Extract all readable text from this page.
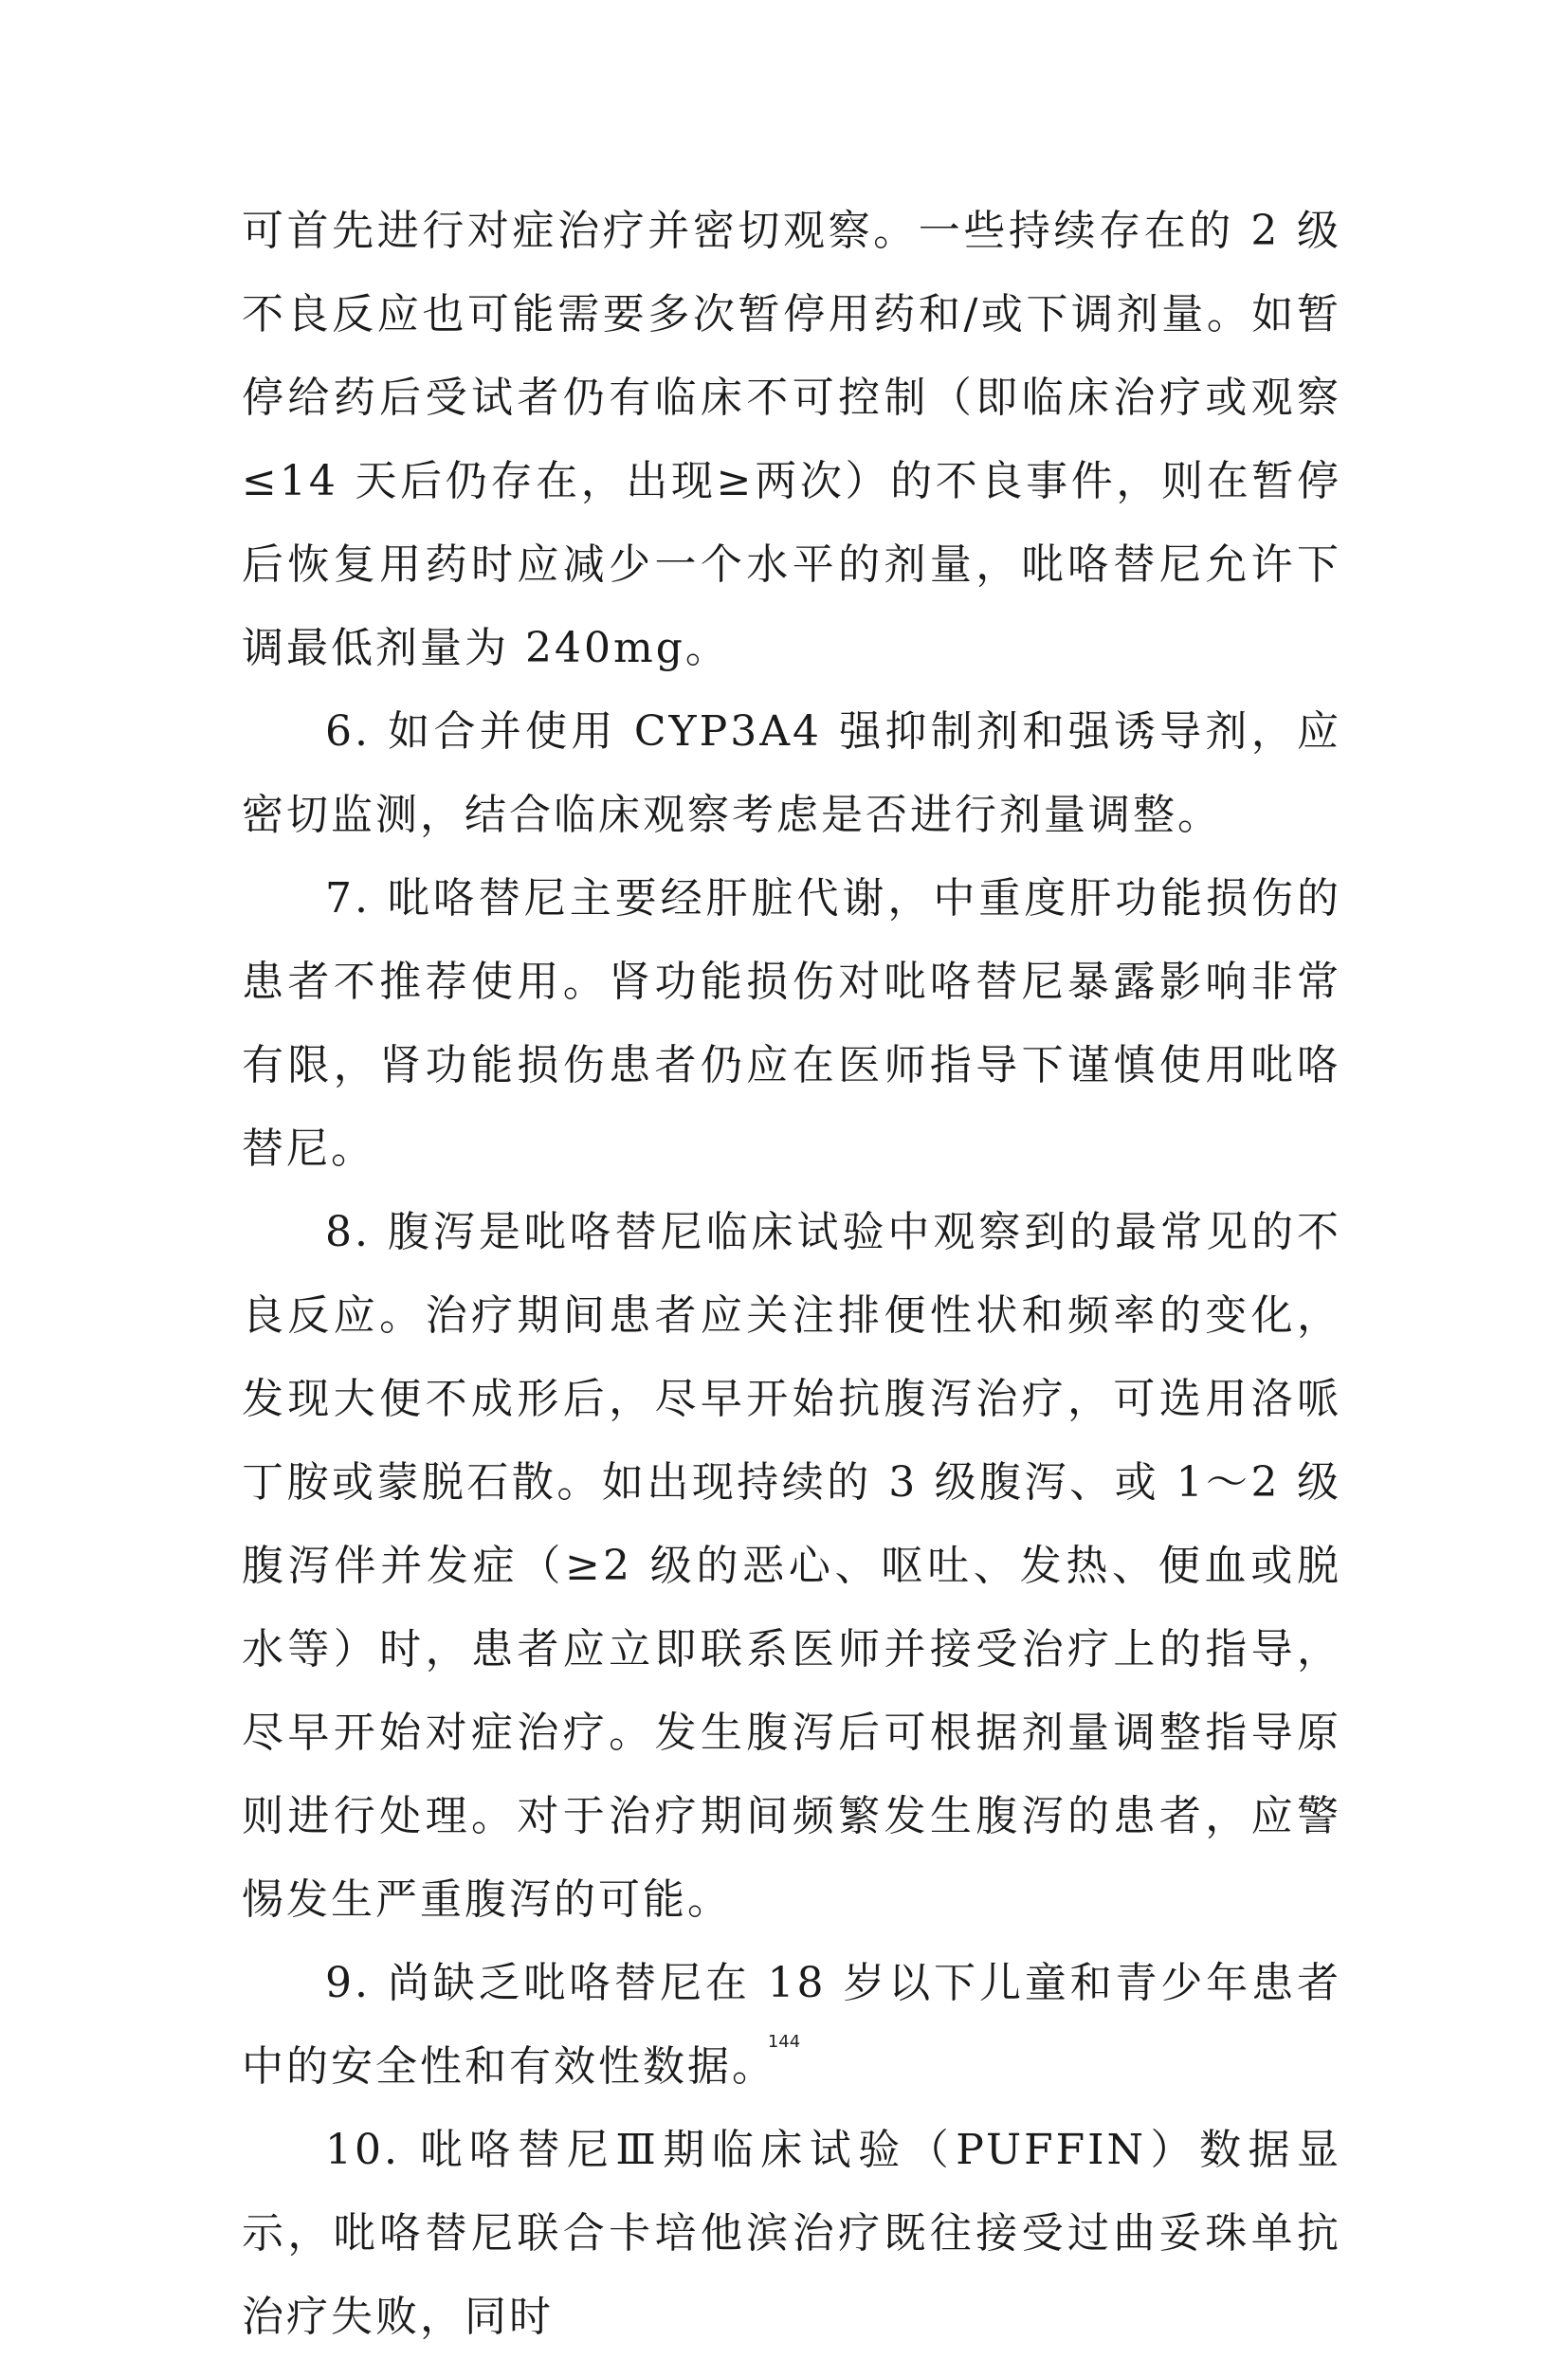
可首先进行对症治疗并密切观察。一些持续存在的 2 级不良反应也可能需要多次暂停用药和/或下调剂量。如暂停给药后受试者仍有临床不可控制（即临床治疗或观察≤14 天后仍存在，出现≥两次）的不良事件，则在暂停后恢复用药时应减少一个水平的剂量，吡咯替尼允许下调最低剂量为 240mg。

6. 如合并使用 CYP3A4 强抑制剂和强诱导剂，应密切监测，结合临床观察考虑是否进行剂量调整。

7. 吡咯替尼主要经肝脏代谢，中重度肝功能损伤的患者不推荐使用。肾功能损伤对吡咯替尼暴露影响非常有限，肾功能损伤患者仍应在医师指导下谨慎使用吡咯替尼。

8. 腹泻是吡咯替尼临床试验中观察到的最常见的不良反应。治疗期间患者应关注排便性状和频率的变化，发现大便不成形后，尽早开始抗腹泻治疗，可选用洛哌丁胺或蒙脱石散。如出现持续的 3 级腹泻、或 1～2 级腹泻伴并发症（≥2 级的恶心、呕吐、发热、便血或脱水等）时，患者应立即联系医师并接受治疗上的指导，尽早开始对症治疗。发生腹泻后可根据剂量调整指导原则进行处理。对于治疗期间频繁发生腹泻的患者，应警惕发生严重腹泻的可能。

9. 尚缺乏吡咯替尼在 18 岁以下儿童和青少年患者中的安全性和有效性数据。

10. 吡咯替尼Ⅲ期临床试验（PUFFIN）数据显示，吡咯替尼联合卡培他滨治疗既往接受过曲妥珠单抗治疗失败，同时

144
